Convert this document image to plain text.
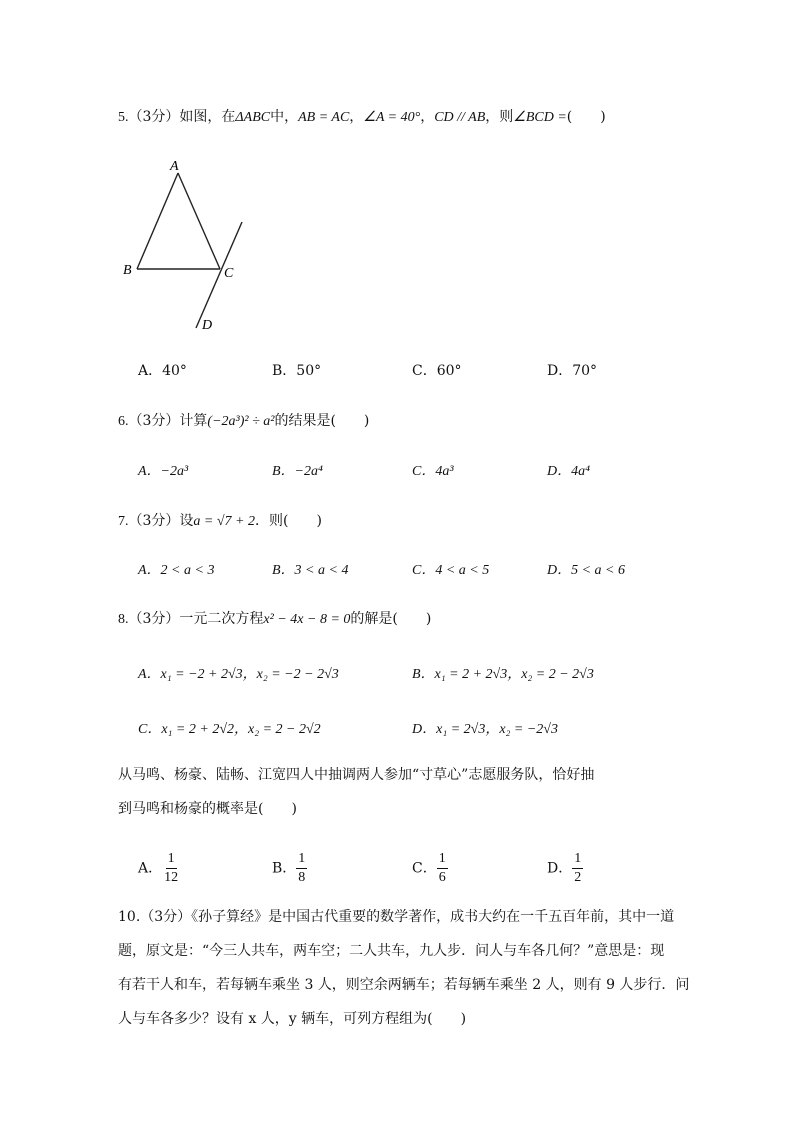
5.（3分）如图，在ΔABC中，AB = AC，∠A = 40°，CD // AB，则∠BCD =(　　)
A
B	C
D
A．40°	B．50°	C．60°	D．70°
6.（3分）计算(−2a³)² ÷ a²的结果是(　　)
A．−2a³	B．−2a⁴	C．4a³	D．4a⁴
7.（3分）设a = √7 + 2．则(　　)
A．2 < a < 3	B．3 < a < 4	C．4 < a < 5	D．5 < a < 6
8.（3分）一元二次方程x² − 4x − 8 = 0的解是(　　)
A．x₁ = −2 + 2√3，x₂ = −2 − 2√3	B．x₁ = 2 + 2√3，x₂ = 2 − 2√3
C．x₁ = 2 + 2√2，x₂ = 2 − 2√2	D．x₁ = 2√3，x₂ = −2√3
从马鸣、杨豪、陆畅、江宽四人中抽调两人参加“寸草心”志愿服务队，恰好抽
到马鸣和杨豪的概率是(　　)
A． $\frac{1}{12}$	B． $\frac{1}{8}$	C． $\frac{1}{6}$	D． $\frac{1}{2}$
10.（3分）《孙子算经》是中国古代重要的数学著作，成书大约在一千五百年前，其中一道
题，原文是：“今三人共车，两车空；二人共车，九人步．问人与车各几何？”意思是：现
有若干人和车，若每辆车乘坐 3 人，则空余两辆车；若每辆车乘坐 2 人，则有 9 人步行．问
人与车各多少？设有 x 人，y 辆车，可列方程组为(　　)
